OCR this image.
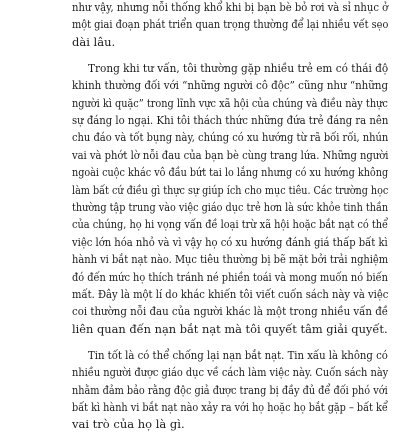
như vậy, nhưng nỗi thống khổ khi bị bạn bè bỏ rơi và sỉ nhục ở
một giai đoạn phát triển quan trọng thường để lại nhiều vết sẹo
dài lâu.
Trong khi tư vấn, tôi thường gặp nhiều trẻ em có thái độ
khinh thường đối với “những người cô độc” cũng như “những
người kì quặc” trong lĩnh vực xã hội của chúng và điều này thực
sự đáng lo ngại. Khi tôi thách thức những đứa trẻ đáng ra nên
chu đáo và tốt bụng này, chúng có xu hướng từ rã bối rối, nhún
vai và phớt lờ nỗi đau của bạn bè cùng trang lứa. Những người
ngoài cuộc khác vô đầu bứt tai lo lắng nhưng có xu hướng không
làm bất cứ điều gì thực sự giúp ích cho mục tiêu. Các trường học
thường tập trung vào việc giáo dục trẻ hơn là sức khỏe tinh thần
của chúng, họ hi vọng vấn đề loại trừ xã hội hoặc bắt nạt có thể
việc lớn hóa nhỏ và vì vậy họ có xu hướng đánh giá thấp bất kì
hành vi bắt nạt nào. Mục tiêu thường bị bẽ mặt bởi trải nghiệm
đó đến mức họ thích tránh né phiền toái và mong muốn nó biến
mất. Đây là một lí do khác khiến tôi viết cuốn sách này và việc
coi thường nỗi đau của người khác là một trong nhiều vấn đề
liên quan đến nạn bắt nạt mà tôi quyết tâm giải quyết.
Tin tốt là có thể chống lại nạn bắt nạt. Tin xấu là không có
nhiều người được giáo dục về cách làm việc này. Cuốn sách này
nhằm đảm bảo rằng độc giả được trang bị đầy đủ để đối phó với
bất kì hành vi bắt nạt nào xảy ra với họ hoặc họ bắt gặp – bất kể
vai trò của họ là gì.
